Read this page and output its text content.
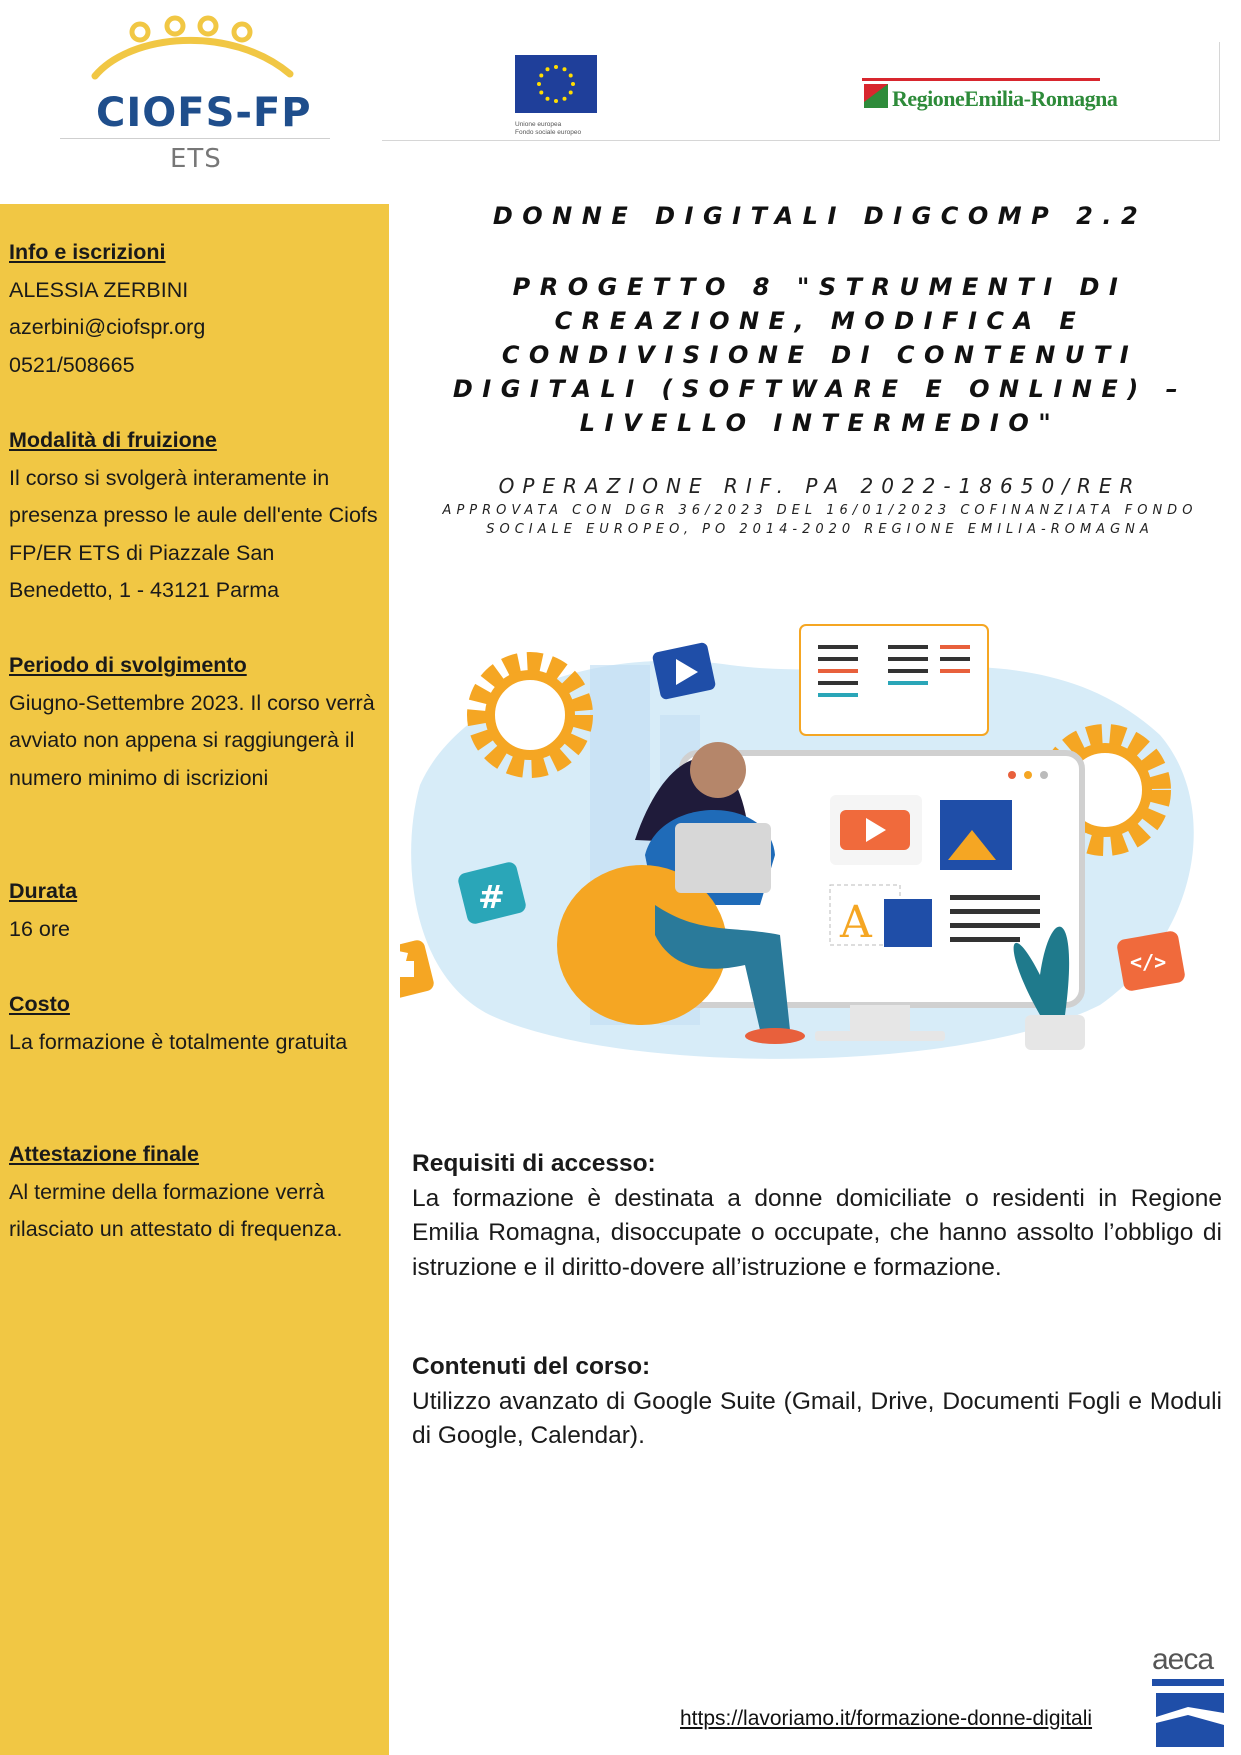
CIOFS-FP
ETS
Unione europea
Fondo sociale europeo
RegioneEmilia-Romagna
Info e iscrizioni
ALESSIA ZERBINI
azerbini@ciofspr.org
0521/508665
Modalità di fruizione
Il corso si svolgerà interamente in presenza presso le aule dell'ente Ciofs FP/ER ETS di Piazzale San Benedetto, 1 - 43121 Parma
Periodo di svolgimento
Giugno-Settembre 2023. Il corso verrà avviato non appena si raggiungerà il numero minimo di iscrizioni
Durata
16 ore
Costo
La formazione è totalmente gratuita
Attestazione finale
Al termine della formazione verrà rilasciato un attestato di frequenza.
DONNE DIGITALI DIGCOMP 2.2
PROGETTO 8 "STRUMENTI DI CREAZIONE, MODIFICA E CONDIVISIONE DI CONTENUTI DIGITALI (SOFTWARE E ONLINE) – LIVELLO INTERMEDIO"
OPERAZIONE RIF. PA 2022-18650/RER
APPROVATA CON DGR 36/2023 DEL 16/01/2023 COFINANZIATA FONDO SOCIALE EUROPEO, PO 2014-2020 REGIONE EMILIA-ROMAGNA
A
#
</>
Requisiti di accesso:
La formazione è destinata a donne domiciliate o residenti in Regione Emilia Romagna, disoccupate o occupate, che hanno assolto l’obbligo di istruzione e il diritto-dovere all’istruzione e formazione.
Contenuti del corso:
Utilizzo avanzato di Google Suite (Gmail, Drive, Documenti Fogli e Moduli di Google, Calendar).
https://lavoriamo.it/formazione-donne-digitali
aeca
